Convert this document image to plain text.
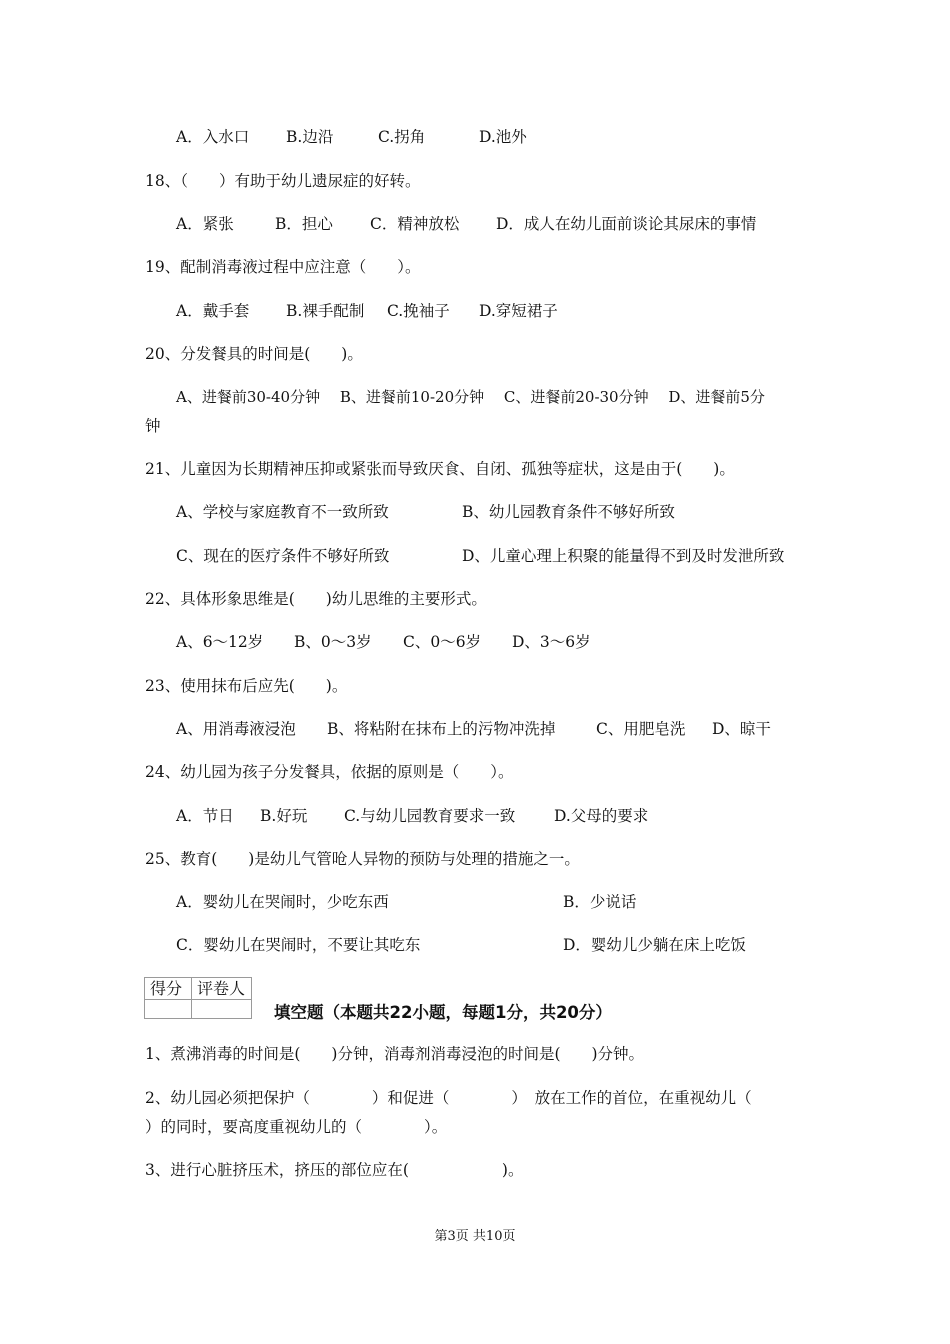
A．入水口 B.边沿	C.拐角	D.池外
18、（　　）有助于幼儿遗尿症的好转。
A．紧张	B．担心 C．精神放松 D．成人在幼儿面前谈论其尿床的事情
19、配制消毒液过程中应注意（　　）。
A．戴手套 B.裸手配制 C.挽袖子 D.穿短裙子
20、分发餐具的时间是(　　)。
A、进餐前30-40分钟　 B、进餐前10-20分钟　 C、进餐前20-30分钟　 D、进餐前5分
钟
21、儿童因为长期精神压抑或紧张而导致厌食、自闭、孤独等症状，这是由于(　　)。
A、学校与家庭教育不一致所致	B、幼儿园教育条件不够好所致
C、现在的医疗条件不够好所致	D、儿童心理上积聚的能量得不到及时发泄所致
22、具体形象思维是(　　)幼儿思维的主要形式。
A、6～12岁 B、0～3岁 C、0～6岁 D、3～6岁
23、使用抹布后应先(　　)。
A、用消毒液浸泡 B、将粘附在抹布上的污物冲洗掉	C、用肥皂洗 D、晾干
24、幼儿园为孩子分发餐具，依据的原则是（　　）。
A．节日 B.好玩 C.与幼儿园教育要求一致	D.父母的要求
25、教育(　　)是幼儿气管呛人异物的预防与处理的措施之一。
A．婴幼儿在哭闹时，少吃东西	B．少说话
C．婴幼儿在哭闹时，不要让其吃东	D．婴幼儿少躺在床上吃饭
得分 评卷人
填空题（本题共22小题，每题1分，共20分）
1、煮沸消毒的时间是(　　)分钟，消毒剂消毒浸泡的时间是(　　)分钟。
2、幼儿园必须把保护（　　　　）和促进（　　　　）　放在工作的首位，在重视幼儿（
）的同时，要高度重视幼儿的（　　　　）。
3、进行心脏挤压术，挤压的部位应在(　　　　　　)。
第3页 共10页
